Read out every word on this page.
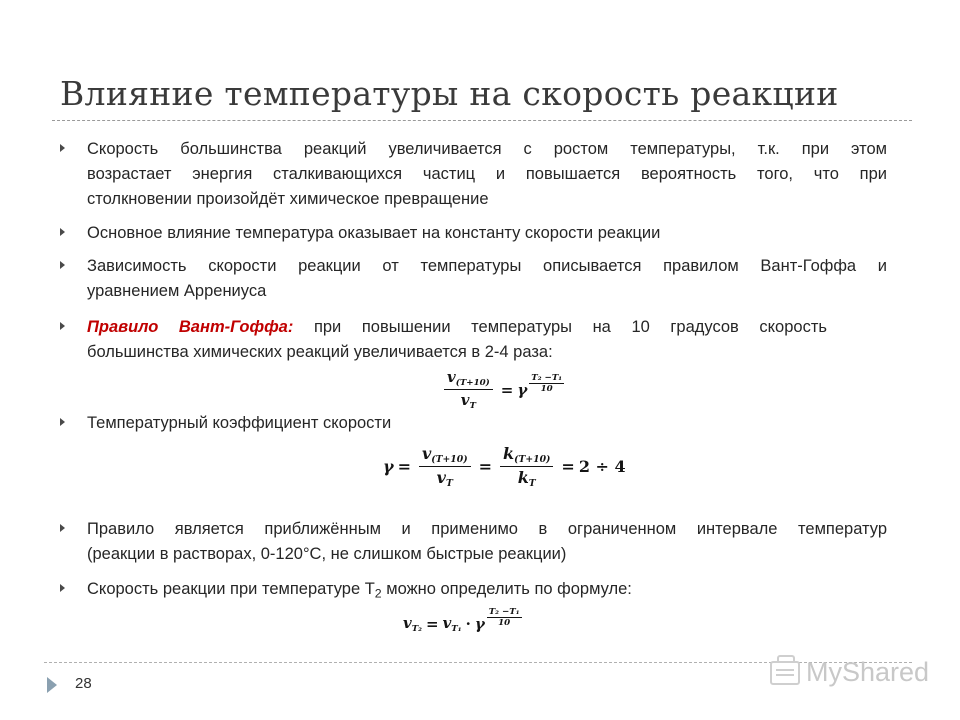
Влияние температуры на скорость реакции
Скорость большинства реакций увеличивается с ростом температуры, т.к. при этом
возрастает энергия сталкивающихся частиц и повышается вероятность того, что при
столкновении произойдёт химическое превращение
Основное влияние температура оказывает на константу скорости реакции
Зависимость скорости реакции от температуры описывается правилом Вант-Гоффа и
уравнением Аррениуса
Правило Вант-Гоффа: при повышении температуры на 10 градусов скорость
большинства химических реакций увеличивается в 2-4 раза:
$\frac{v_{(T+10)}}{v_T} = \gamma$
T₂ −T₁
10
Температурный коэффициент скорости
$\gamma = \frac{v_{(T+10)}}{v_T} = \frac{k_{(T+10)}}{k_T} = 2 \div 4$
Правило является приближённым и применимо в ограниченном интервале температур
(реакции в растворах, 0-120°С, не слишком быстрые реакции)
Скорость реакции при температуре $Т_2$ можно определить по формуле:
$v_{T_2} = v_{T_1} \cdot \gamma$
T₂ −T₁
10
28	MyShared
